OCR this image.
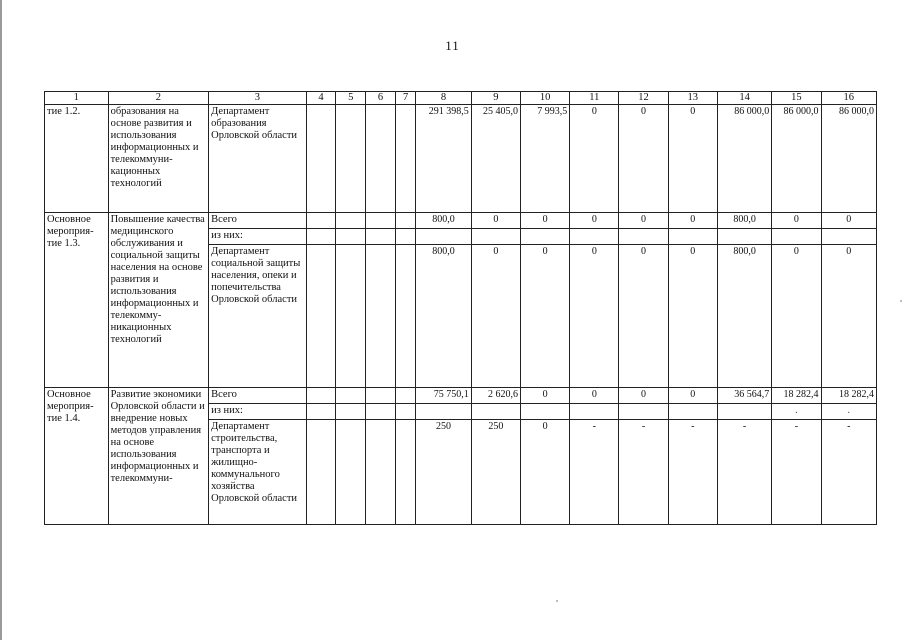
11
1	2	3	4	5	6	7	8	9	10	11	12	13	14	15	16
тие 1.2.	образования на основе развития и использования информационных и телекоммуни-кационных технологий	Департамент образования Орловской области					291 398,5	25 405,0	7 993,5	0	0	0	86 000,0	86 000,0	86 000,0
Основное мероприя-тие 1.3.	Повышение качества медицинского обслуживания и социальной защиты населения на основе развития и использования информационных и телекомму-никационных технологий	Всего					800,0	0	0	0	0	0	800,0	0	0
		из них:													
		Департамент социальной защиты населения, опеки и попечительства Орловской области					800,0	0	0	0	0	0	800,0	0	0
Основное мероприя-тие 1.4.	Развитие экономики Орловской области и внедрение новых методов управления на основе использования информационных и телекоммуни-	Всего					75 750,1	2 620,6	0	0	0	0	36 564,7	18 282,4	18 282,4
		из них:												.	.
		Департамент строительства, транспорта и жилищно-коммунального хозяйства Орловской области					250	250	0	-	-	-	-	-	-
